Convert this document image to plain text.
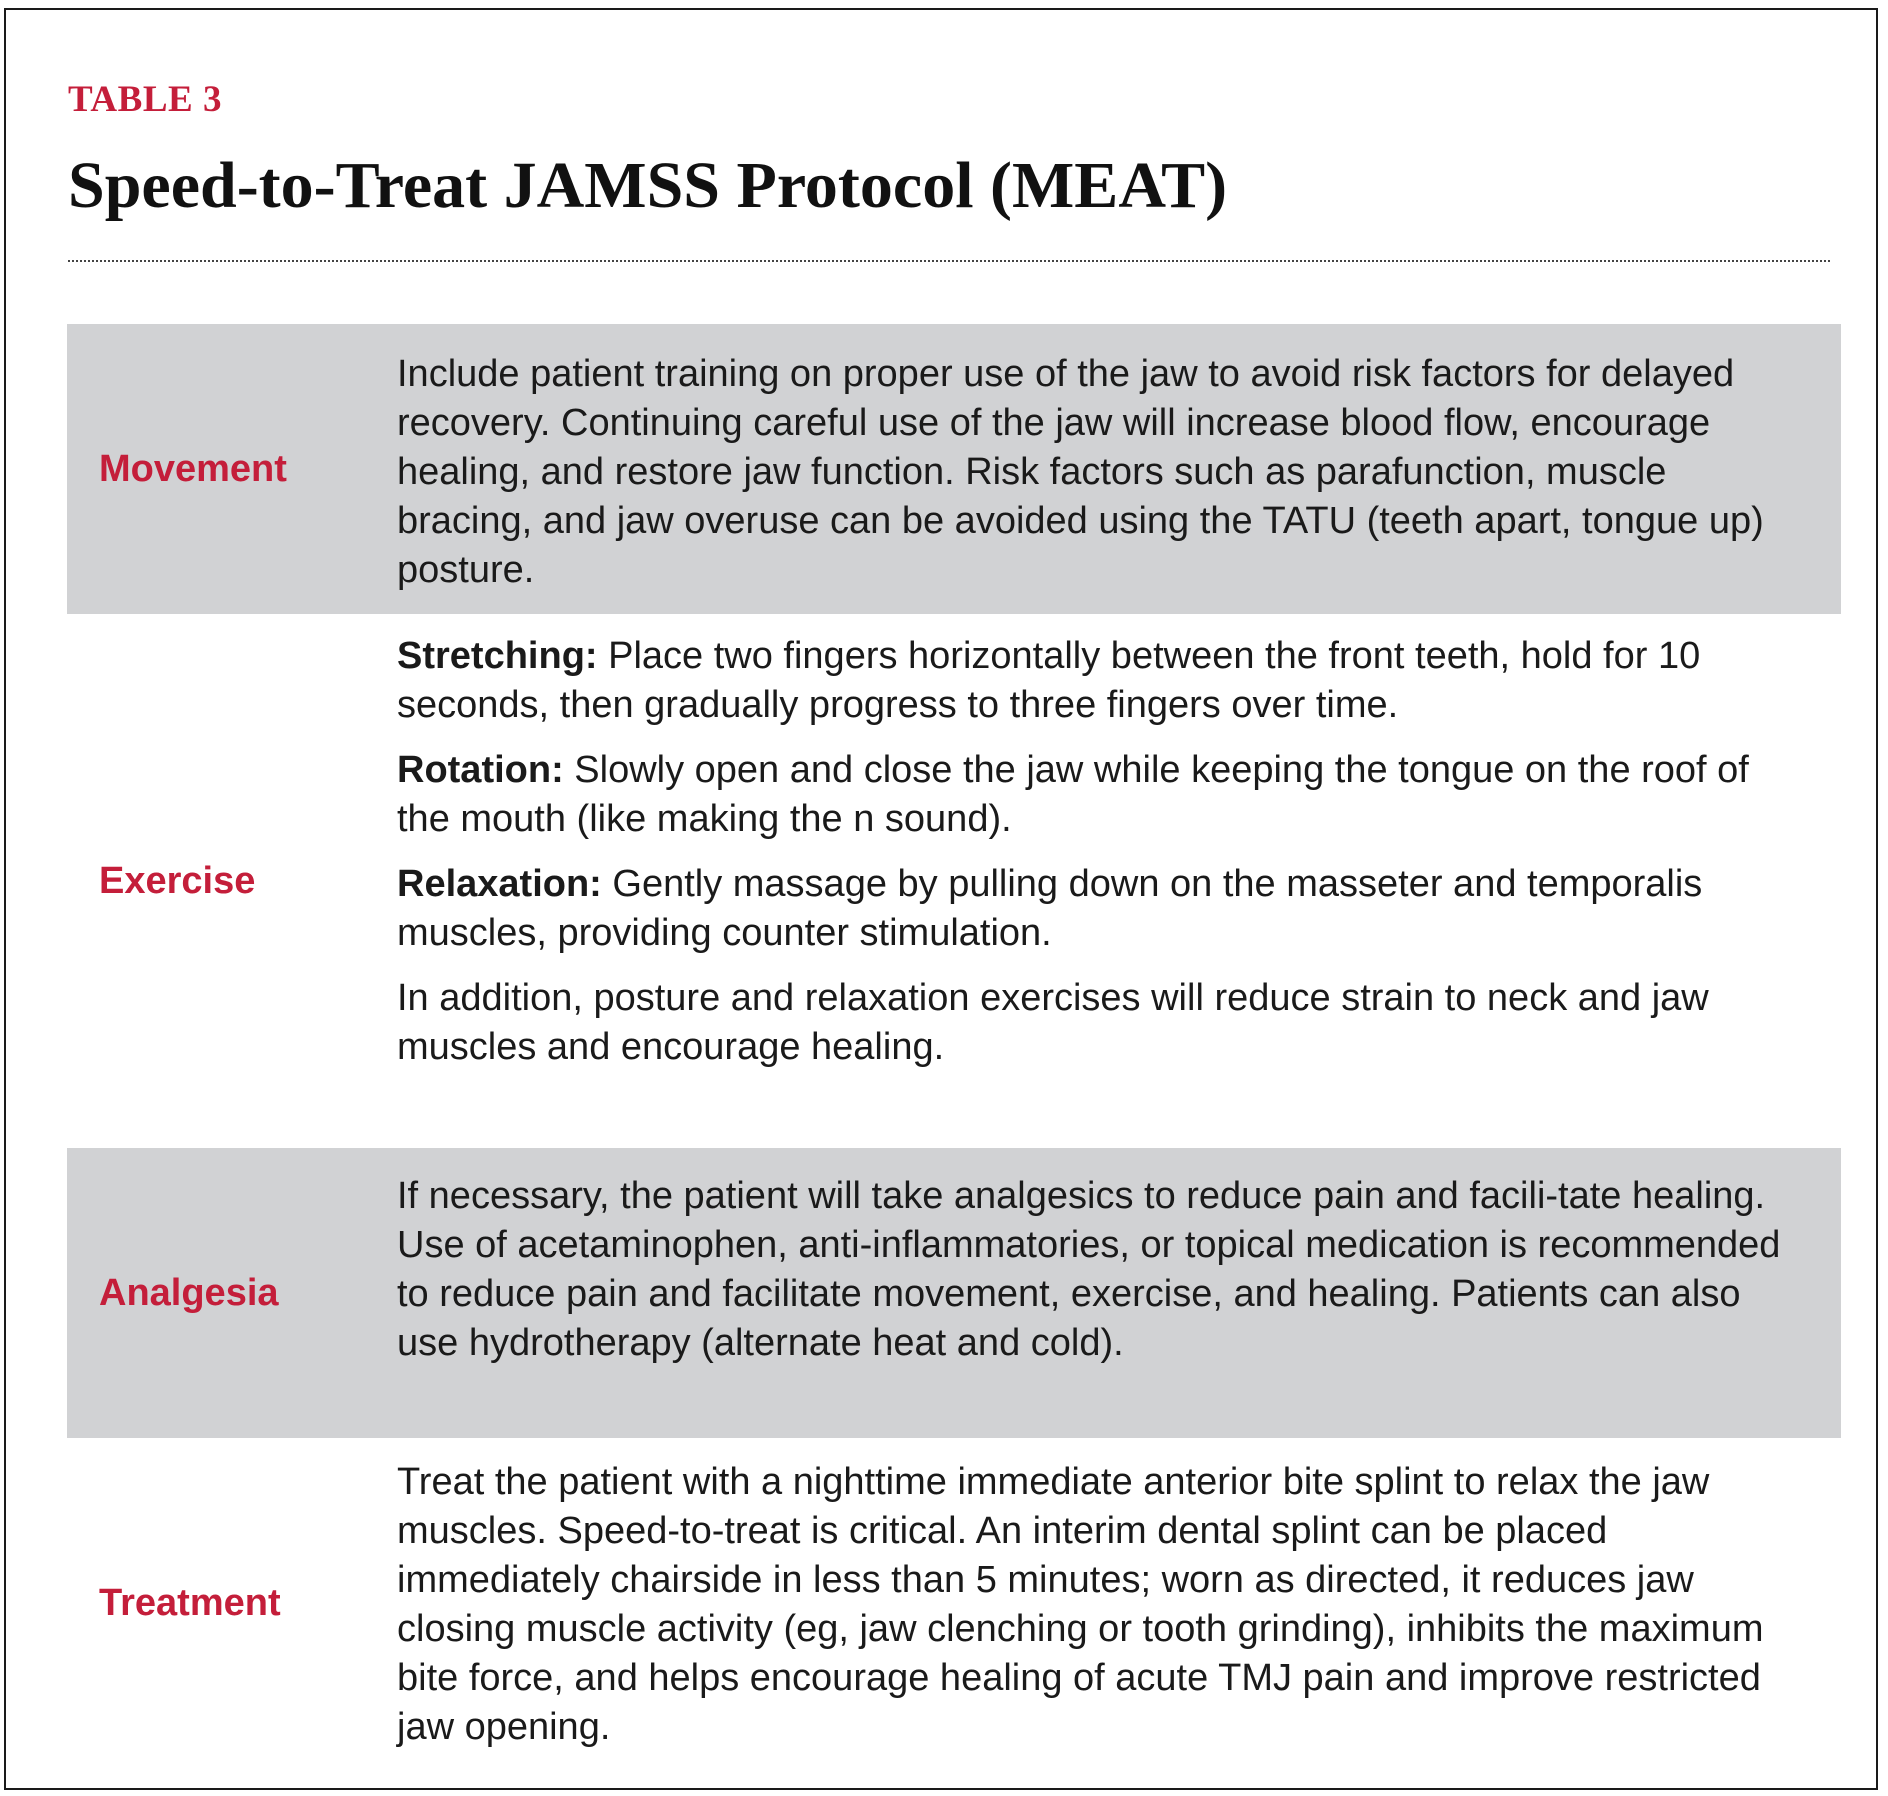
TABLE 3
Speed-to-Treat JAMSS Protocol (MEAT)
Movement

Include patient training on proper use of the jaw to avoid risk factors for delayed recovery. Continuing careful use of the jaw will increase blood flow, encourage healing, and restore jaw function. Risk factors such as parafunction, muscle bracing, and jaw overuse can be avoided using the TATU (teeth apart, tongue up) posture.

Exercise

Stretching: Place two fingers horizontally between the front teeth, hold for 10 seconds, then gradually progress to three fingers over time.

Rotation: Slowly open and close the jaw while keeping the tongue on the roof of the mouth (like making the n sound).

Relaxation: Gently massage by pulling down on the masseter and temporalis muscles, providing counter stimulation.

In addition, posture and relaxation exercises will reduce strain to neck and jaw muscles and encourage healing.

Analgesia

If necessary, the patient will take analgesics to reduce pain and facili-tate healing. Use of acetaminophen, anti-inflammatories, or topical medication is recommended to reduce pain and facilitate movement, exercise, and healing. Patients can also use hydrotherapy (alternate heat and cold).

Treatment

Treat the patient with a nighttime immediate anterior bite splint to relax the jaw muscles. Speed-to-treat is critical. An interim dental splint can be placed immediately chairside in less than 5 minutes; worn as directed, it reduces jaw closing muscle activity (eg, jaw clenching or tooth grinding), inhibits the maximum bite force, and helps encourage healing of acute TMJ pain and improve restricted jaw opening.
